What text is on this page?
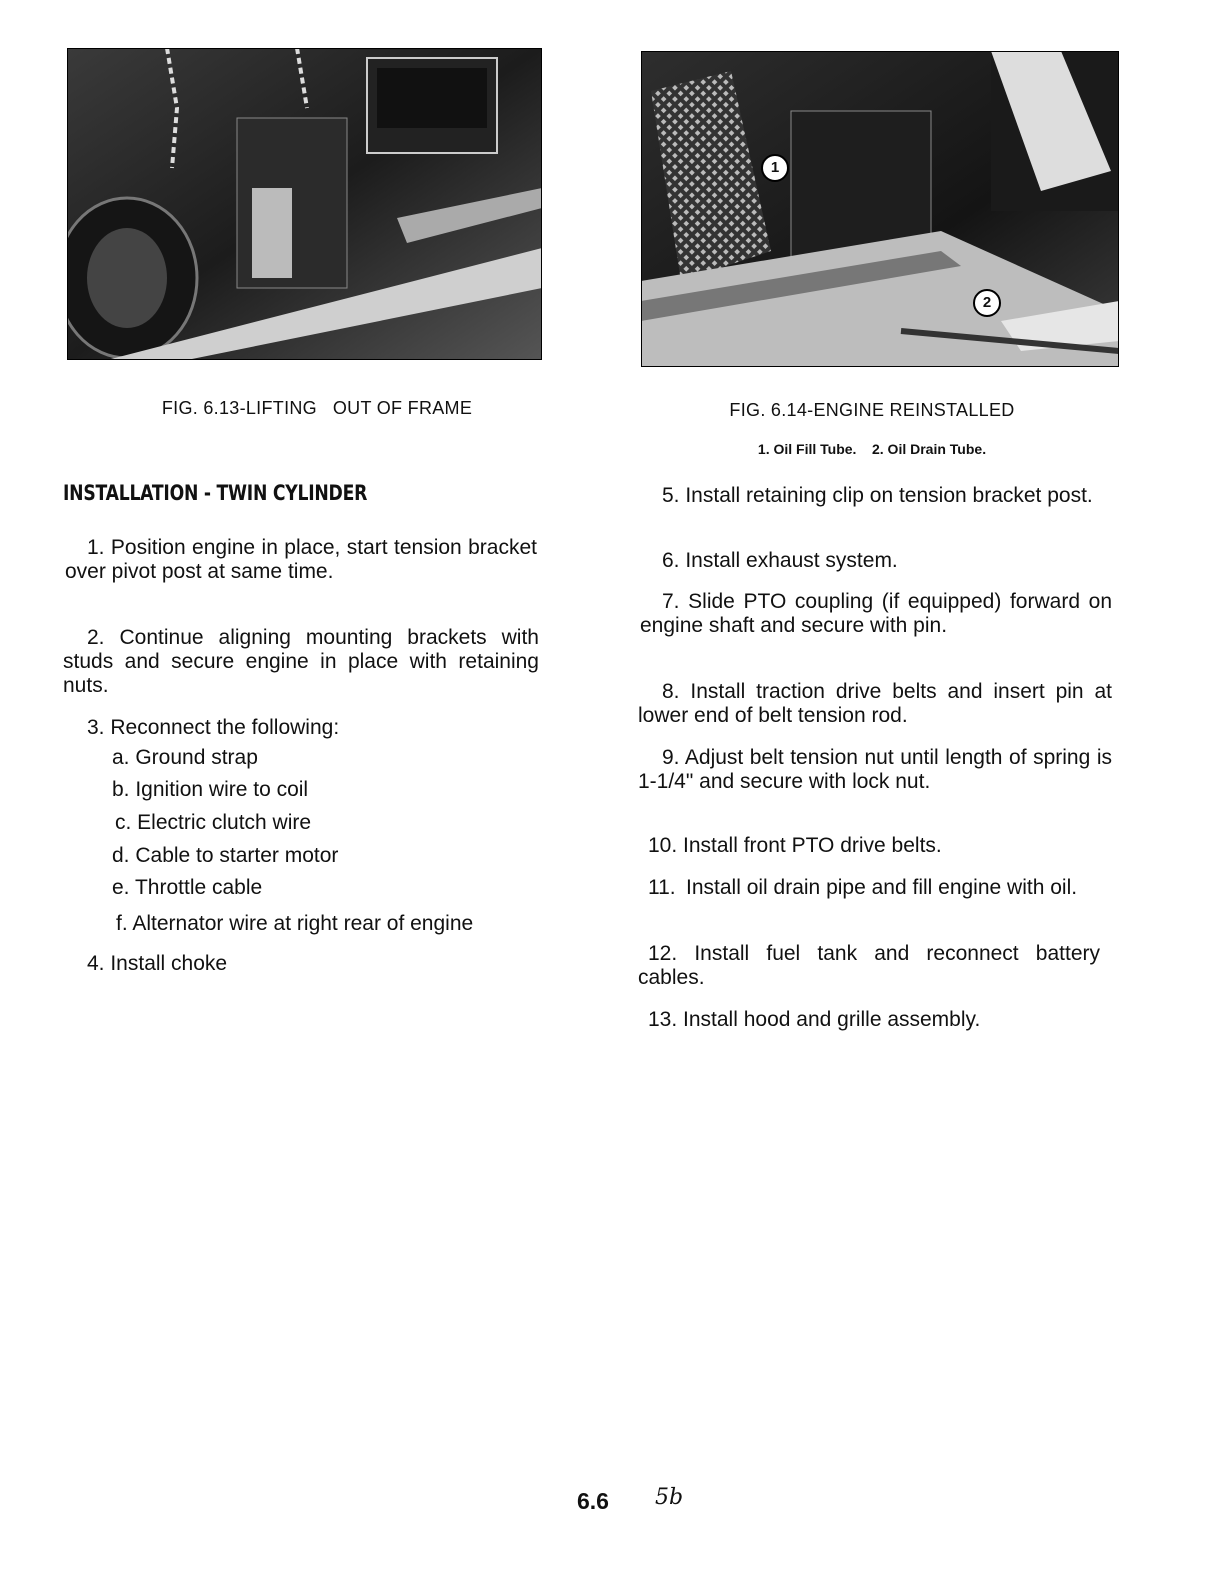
FIG. 6.13-LIFTING   OUT OF FRAME
1
2
FIG. 6.14-ENGINE REINSTALLED
1. Oil Fill Tube.    2. Oil Drain Tube.
INSTALLATION - TWIN CYLINDER
1. Position engine in place, start tension bracket over pivot post at same time.
2. Continue aligning mounting brackets with studs and secure engine in place with retaining nuts.
3. Reconnect the following:
a. Ground strap
b. Ignition wire to coil
c. Electric clutch wire
d. Cable to starter motor
e. Throttle cable
f. Alternator wire at right rear of engine
4. Install choke
5. Install retaining clip on tension bracket post.
6. Install exhaust system.
7. Slide PTO coupling (if equipped) forward on engine shaft and secure with pin.
8. Install traction drive belts and insert pin at lower end of belt tension rod.
9. Adjust belt tension nut until length of spring is 1-1/4" and secure with lock nut.
10. Install front PTO drive belts.
11. Install oil drain pipe and fill engine with oil.
12. Install fuel tank and reconnect battery cables.
13. Install hood and grille assembly.
6.6 5b
